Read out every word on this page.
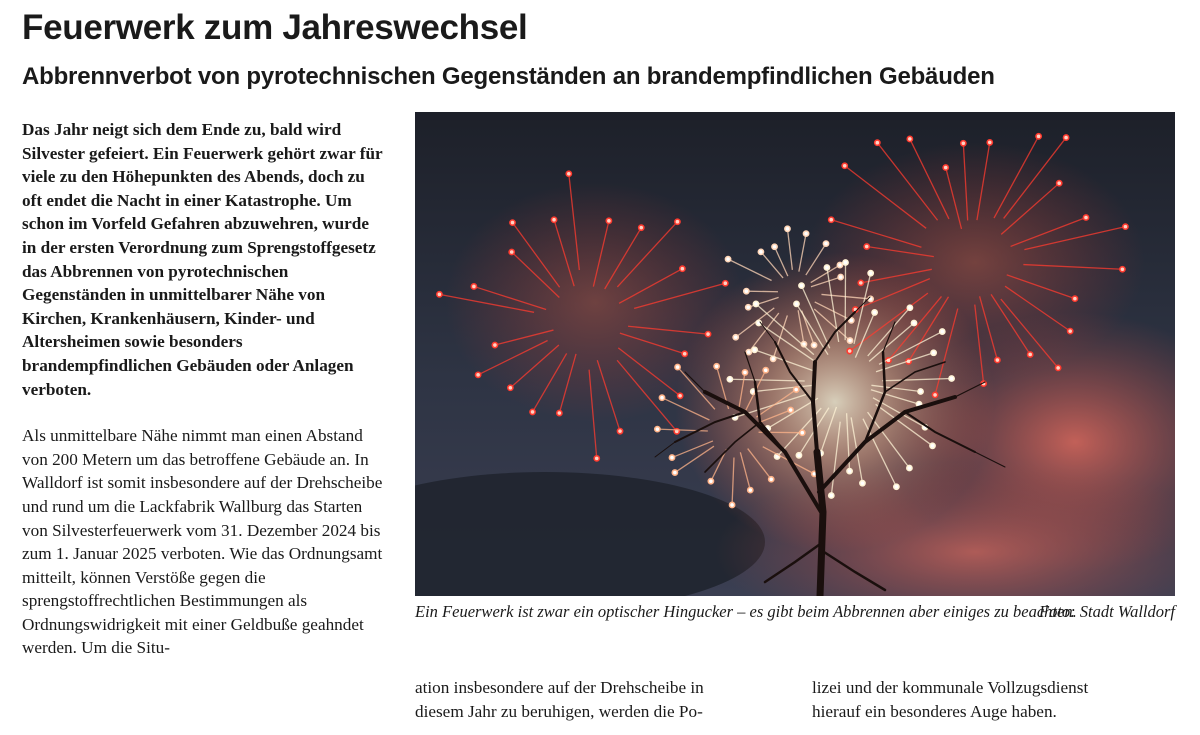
Feuerwerk zum Jahreswechsel
Abbrennverbot von pyrotechnischen Gegenständen an brandempfindlichen Gebäuden

Das Jahr neigt sich dem Ende zu, bald wird Silvester gefeiert. Ein Feuerwerk gehört zwar für viele zu den Höhepunkten des Abends, doch zu oft endet die Nacht in einer Katastrophe. Um schon im Vorfeld Gefahren abzuwehren, wurde in der ersten Verordnung zum Sprengstoffgesetz das Abbrennen von pyrotechnischen Gegenständen in unmittelbarer Nähe von Kirchen, Krankenhäusern, Kinder- und Altersheimen sowie besonders brandempfindlichen Gebäuden oder Anlagen verboten.

Als unmittelbare Nähe nimmt man einen Abstand von 200 Metern um das betroffene Gebäude an. In Walldorf ist somit insbesondere auf der Drehscheibe und rund um die Lackfabrik Wallburg das Starten von Silvesterfeuerwerk vom 31. Dezember 2024 bis zum 1. Januar 2025 verboten. Wie das Ordnungsamt mitteilt, können Verstöße gegen die sprengstoffrechtlichen Bestimmungen als Ordnungswidrigkeit mit einer Geldbuße geahndet werden. Um die Situ-

Ein Feuerwerk ist zwar ein optischer Hingucker – es gibt beim Abbrennen aber einiges zu beachten.
Foto: Stadt Walldorf
ation insbesondere auf der Drehscheibe in
diesem Jahr zu beruhigen, werden die Po-
lizei und der kommunale Vollzugsdienst
hierauf ein besonderes Auge haben.
